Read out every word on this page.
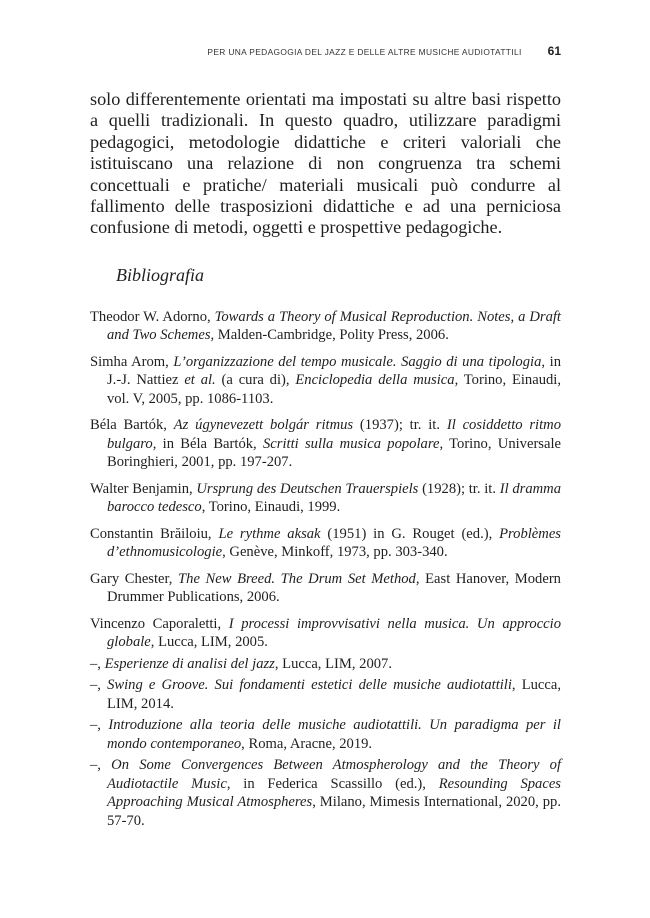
PER UNA PEDAGOGIA DEL JAZZ E DELLE ALTRE MUSICHE AUDIOTATTILI 61

solo differentemente orientati ma impostati su altre basi rispetto a quelli tradizionali. In questo quadro, utilizzare paradigmi pedagogici, metodologie didattiche e criteri valoriali che istituiscano una relazione di non congruenza tra schemi concettuali e pratiche/ materiali musicali può condurre al fallimento delle trasposizioni didattiche e ad una perniciosa confusione di metodi, oggetti e prospettive pedagogiche.

Bibliografia

Theodor W. Adorno, Towards a Theory of Musical Reproduction. Notes, a Draft and Two Schemes, Malden-Cambridge, Polity Press, 2006.

Simha Arom, L’organizzazione del tempo musicale. Saggio di una tipologia, in J.-J. Nattiez et al. (a cura di), Enciclopedia della musica, Torino, Einaudi, vol. V, 2005, pp. 1086-1103.

Béla Bartók, Az úgynevezett bolgár ritmus (1937); tr. it. Il cosiddetto ritmo bulgaro, in Béla Bartók, Scritti sulla musica popolare, Torino, Universale Boringhieri, 2001, pp. 197-207.

Walter Benjamin, Ursprung des Deutschen Trauerspiels (1928); tr. it. Il dramma barocco tedesco, Torino, Einaudi, 1999.

Constantin Brăiloiu, Le rythme aksak (1951) in G. Rouget (ed.), Problèmes d’ethnomusicologie, Genève, Minkoff, 1973, pp. 303-340.

Gary Chester, The New Breed. The Drum Set Method, East Hanover, Modern Drummer Publications, 2006.

Vincenzo Caporaletti, I processi improvvisativi nella musica. Un approccio globale, Lucca, LIM, 2005.

–, Esperienze di analisi del jazz, Lucca, LIM, 2007.

–, Swing e Groove. Sui fondamenti estetici delle musiche audiotattili, Lucca, LIM, 2014.

–, Introduzione alla teoria delle musiche audiotattili. Un paradigma per il mondo contemporaneo, Roma, Aracne, 2019.

–, On Some Convergences Between Atmospherology and the Theory of Audiotactile Music, in Federica Scassillo (ed.), Resounding Spaces Approaching Musical Atmospheres, Milano, Mimesis International, 2020, pp. 57-70.
